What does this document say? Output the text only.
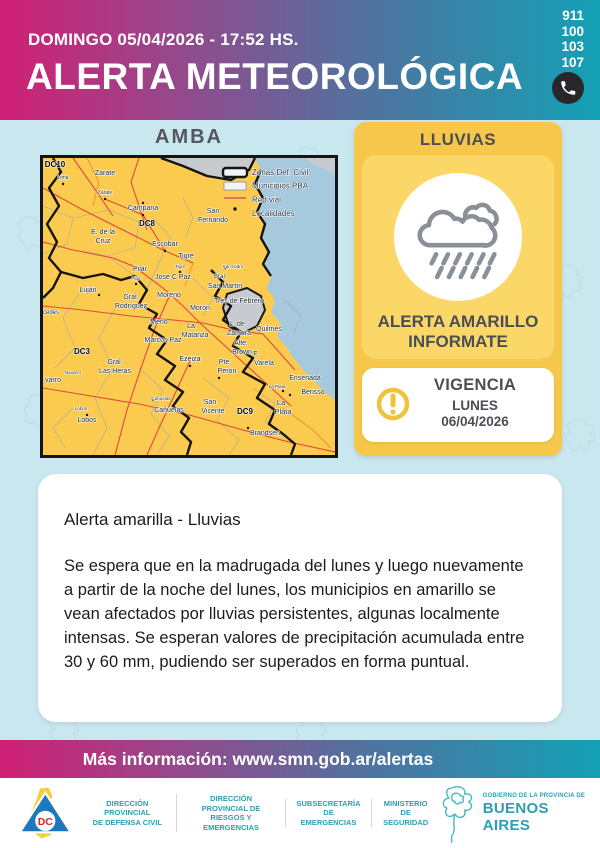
DOMINGO 05/04/2026 - 17:52 HS.
ALERTA METEOROLÓGICA
911
100
103
107
AMBA
Zonas Def. Civil
Municipios PBA
Red vial
Localidades
DC10
Lima
Zarate
Zárate
Campana
DC8
San
Fernando
E. de la
Cruz	Escobar
Tigre
Tigre	San Isidro
Pilar
Pilar José C.Paz	Gral.
San Martín
Luján
Gral.
Rodríguez
Moreno
Tres de Febrero
Morón
Merlo
La
Matanza
L. de
Zamora
Quilmes
Alte.
Brown F.
Varela
Marcos Paz
Ezeiza	Pte.
Perón
DC3
Gral.
Las Heras
Navarro
varro	Ensenada
Berisso
La Plata
La
Plata
Cañuelas
Cañuelas
San
Vicente DC9
Lobos
Lobos
Brandsen
cedes
LLUVIAS
ALERTA AMARILLO
INFORMATE
VIGENCIA
LUNES
06/04/2026
Alerta amarilla - Lluvias
Se espera que en la madrugada del lunes y luego nuevamente a partir de la noche del lunes, los municipios en amarillo se vean afectados por lluvias persistentes, algunas localmente intensas. Se esperan valores de precipitación acumulada entre 30 y 60 mm, pudiendo ser superados en forma puntual.
Más información: www.smn.gob.ar/alertas
DC
DIRECCIÓN PROVINCIAL
DE DEFENSA CIVIL
DIRECCIÓN PROVINCIAL DE
RIESGOS Y EMERGENCIAS
SUBSECRETARÍA DE
EMERGENCIAS
MINISTERIO DE
SEGURIDAD
GOBIERNO DE LA PROVINCIA DE
BUENOS AIRES
